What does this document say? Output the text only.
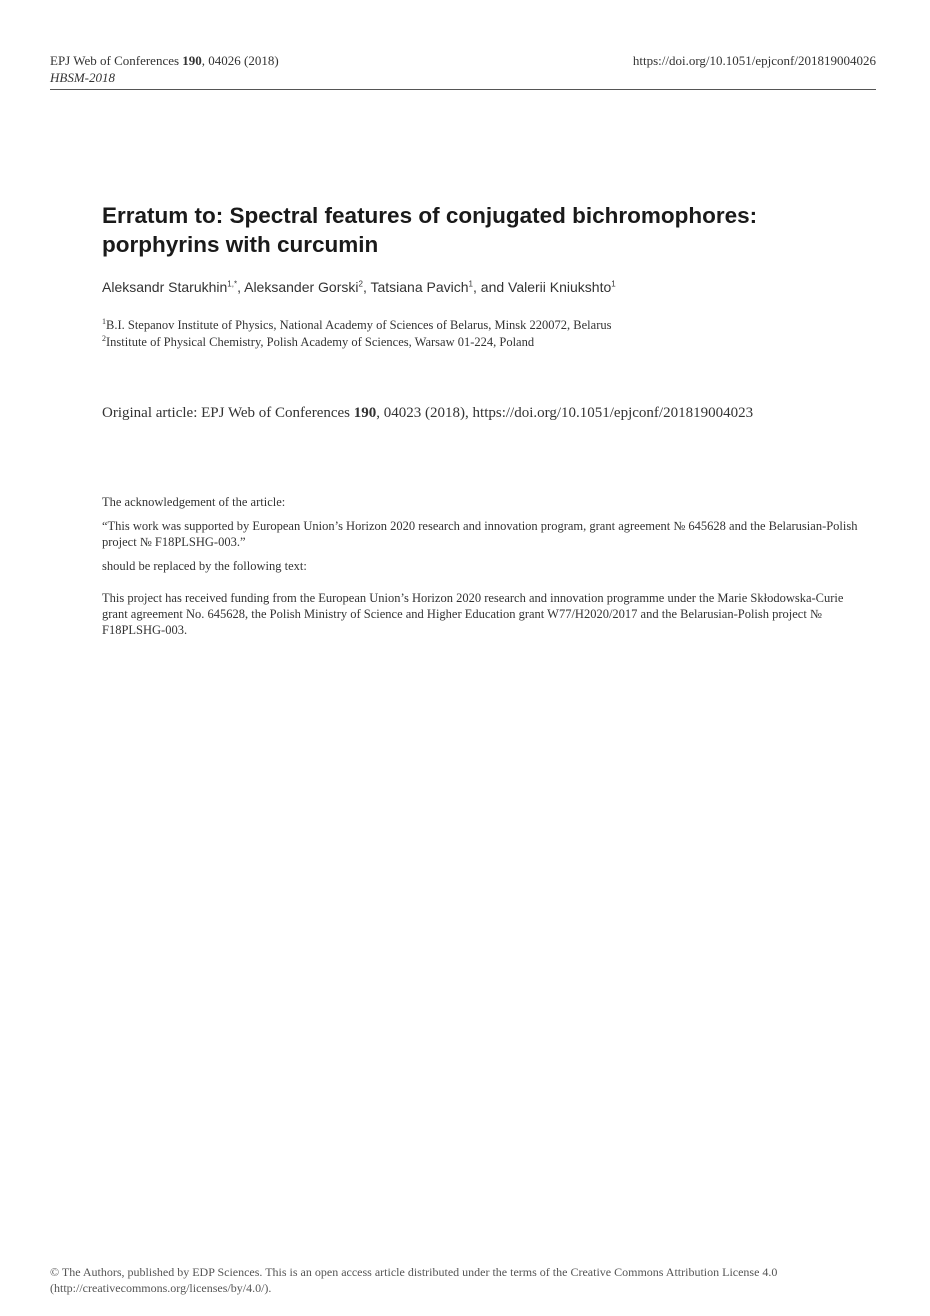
EPJ Web of Conferences 190, 04026 (2018)	https://doi.org/10.1051/epjconf/201819004026
HBSM-2018
Erratum to: Spectral features of conjugated bichromophores: porphyrins with curcumin
Aleksandr Starukhin$^{1,*}$, Aleksander Gorski$^2$, Tatsiana Pavich$^1$, and Valerii Kniukshto$^1$
$^1$B.I. Stepanov Institute of Physics, National Academy of Sciences of Belarus, Minsk 220072, Belarus
$^2$Institute of Physical Chemistry, Polish Academy of Sciences, Warsaw 01-224, Poland
Original article: EPJ Web of Conferences 190, 04023 (2018), https://doi.org/10.1051/epjconf/201819004023

The acknowledgement of the article:

“This work was supported by European Union’s Horizon 2020 research and innovation program, grant agreement № 645628 and the Belarusian-Polish project № F18PLSHG-003.”

should be replaced by the following text:

This project has received funding from the European Union’s Horizon 2020 research and innovation programme under the Marie Skłodowska-Curie grant agreement No. 645628, the Polish Ministry of Science and Higher Education grant W77/H2020/2017 and the Belarusian-Polish project № F18PLSHG-003.

© The Authors, published by EDP Sciences. This is an open access article distributed under the terms of the Creative Commons Attribution License 4.0
(http://creativecommons.org/licenses/by/4.0/).
